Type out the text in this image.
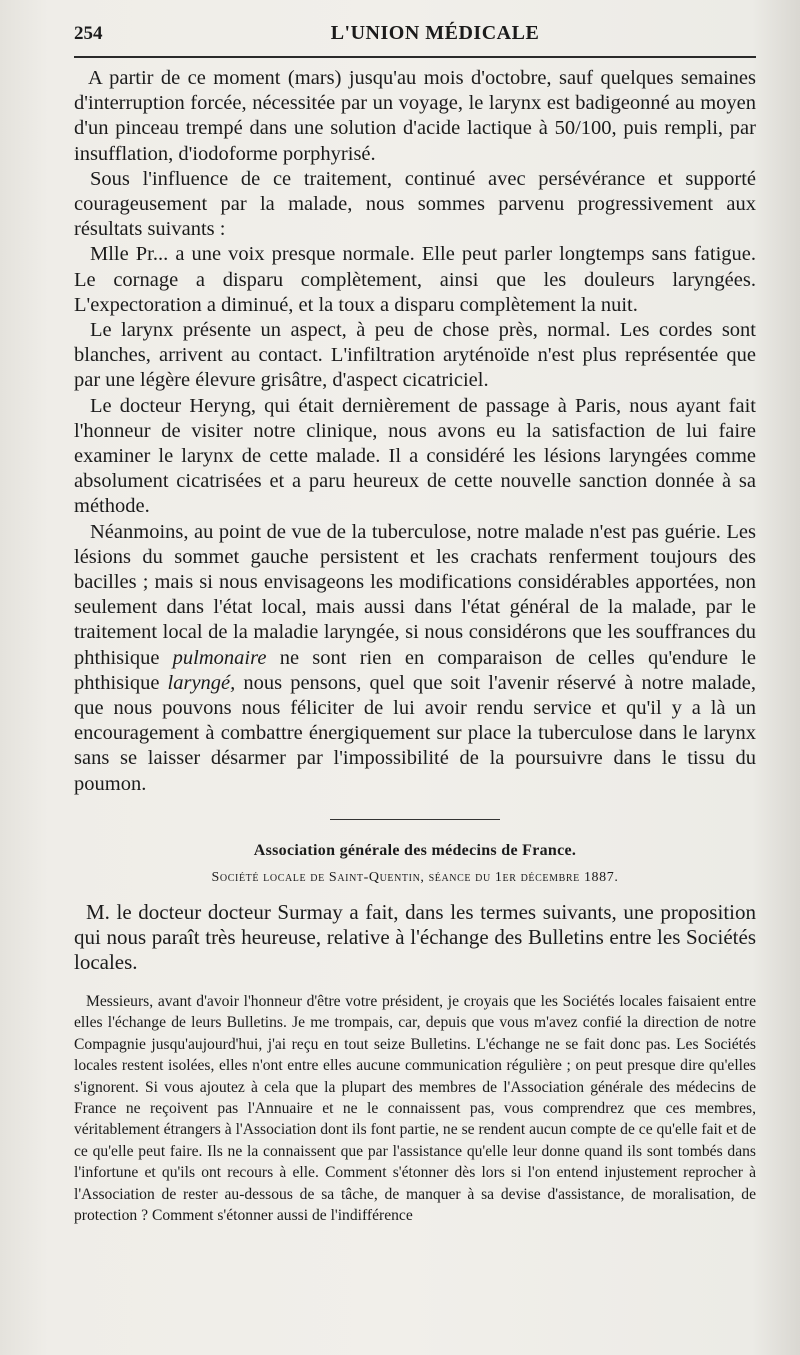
254	L'UNION MÉDICALE

A partir de ce moment (mars) jusqu'au mois d'octobre, sauf quelques semaines d'interruption forcée, nécessitée par un voyage, le larynx est badigeonné au moyen d'un pinceau trempé dans une solution d'acide lactique à 50/100, puis rempli, par insufflation, d'iodoforme porphyrisé.

Sous l'influence de ce traitement, continué avec persévérance et supporté courageusement par la malade, nous sommes parvenu progressivement aux résultats suivants :

Mlle Pr... a une voix presque normale. Elle peut parler longtemps sans fatigue. Le cornage a disparu complètement, ainsi que les douleurs laryngées. L'expectoration a diminué, et la toux a disparu complètement la nuit.

Le larynx présente un aspect, à peu de chose près, normal. Les cordes sont blanches, arrivent au contact. L'infiltration aryténoïde n'est plus représentée que par une légère élevure grisâtre, d'aspect cicatriciel.

Le docteur Heryng, qui était dernièrement de passage à Paris, nous ayant fait l'honneur de visiter notre clinique, nous avons eu la satisfaction de lui faire examiner le larynx de cette malade. Il a considéré les lésions laryngées comme absolument cicatrisées et a paru heureux de cette nouvelle sanction donnée à sa méthode.

Néanmoins, au point de vue de la tuberculose, notre malade n'est pas guérie. Les lésions du sommet gauche persistent et les crachats renferment toujours des bacilles ; mais si nous envisageons les modifications considérables apportées, non seulement dans l'état local, mais aussi dans l'état général de la malade, par le traitement local de la maladie laryngée, si nous considérons que les souffrances du phthisique pulmonaire ne sont rien en comparaison de celles qu'endure le phthisique laryngé, nous pensons, quel que soit l'avenir réservé à notre malade, que nous pouvons nous féliciter de lui avoir rendu service et qu'il y a là un encouragement à combattre énergiquement sur place la tuberculose dans le larynx sans se laisser désarmer par l'impossibilité de la poursuivre dans le tissu du poumon.

Association générale des médecins de France.
Société locale de Saint-Quentin, séance du 1er décembre 1887.

M. le docteur docteur Surmay a fait, dans les termes suivants, une proposition qui nous paraît très heureuse, relative à l'échange des Bulletins entre les Sociétés locales.

Messieurs, avant d'avoir l'honneur d'être votre président, je croyais que les Sociétés locales faisaient entre elles l'échange de leurs Bulletins. Je me trompais, car, depuis que vous m'avez confié la direction de notre Compagnie jusqu'aujourd'hui, j'ai reçu en tout seize Bulletins. L'échange ne se fait donc pas. Les Sociétés locales restent isolées, elles n'ont entre elles aucune communication régulière ; on peut presque dire qu'elles s'ignorent. Si vous ajoutez à cela que la plupart des membres de l'Association générale des médecins de France ne reçoivent pas l'Annuaire et ne le connaissent pas, vous comprendrez que ces membres, véritablement étrangers à l'Association dont ils font partie, ne se rendent aucun compte de ce qu'elle fait et de ce qu'elle peut faire. Ils ne la connaissent que par l'assistance qu'elle leur donne quand ils sont tombés dans l'infortune et qu'ils ont recours à elle. Comment s'étonner dès lors si l'on entend injustement reprocher à l'Association de rester au-dessous de sa tâche, de manquer à sa devise d'assistance, de moralisation, de protection ? Comment s'étonner aussi de l'indifférence
